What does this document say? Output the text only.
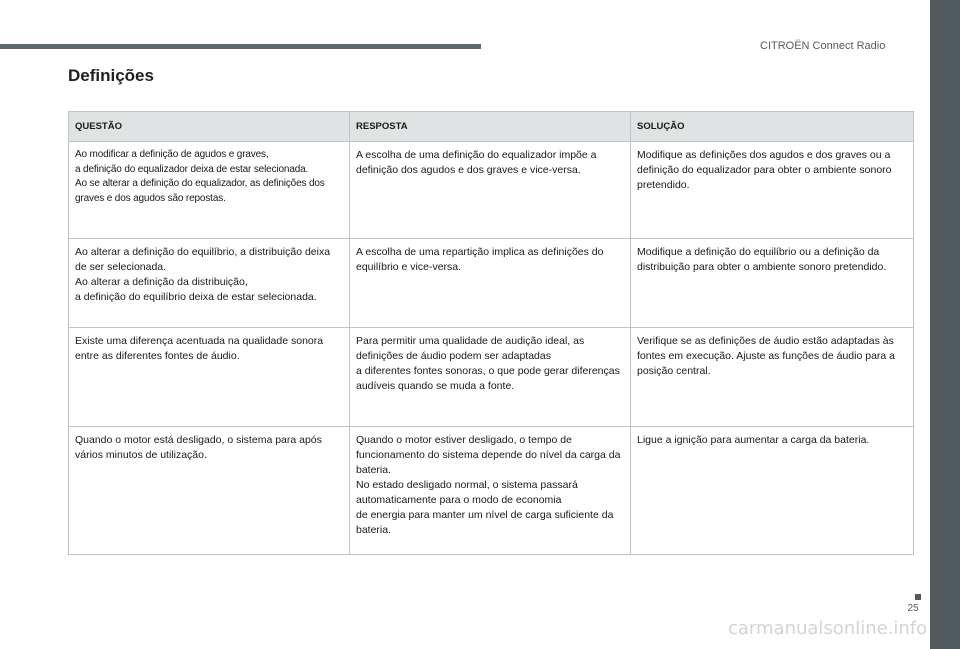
CITROËN Connect Radio
Definições
QUESTÃO	RESPOSTA	SOLUÇÃO
Ao modificar a definição de agudos e graves,
a definição do equalizador deixa de estar selecionada.
Ao se alterar a definição do equalizador, as definições dos graves e dos agudos são repostas.	A escolha de uma definição do equalizador impõe a definição dos agudos e dos graves e vice-versa.	Modifique as definições dos agudos e dos graves ou a definição do equalizador para obter o ambiente sonoro pretendido.
Ao alterar a definição do equilíbrio, a distribuição deixa de ser selecionada.
Ao alterar a definição da distribuição,
a definição do equilíbrio deixa de estar selecionada.	A escolha de uma repartição implica as definições do equilíbrio e vice-versa.	Modifique a definição do equilíbrio ou a definição da distribuição para obter o ambiente sonoro pretendido.
Existe uma diferença acentuada na qualidade sonora entre as diferentes fontes de áudio.	Para permitir uma qualidade de audição ideal, as definições de áudio podem ser adaptadas
a diferentes fontes sonoras, o que pode gerar diferenças audíveis quando se muda a fonte.	Verifique se as definições de áudio estão adaptadas às fontes em execução. Ajuste as funções de áudio para a posição central.
Quando o motor está desligado, o sistema para após vários minutos de utilização.	Quando o motor estiver desligado, o tempo de funcionamento do sistema depende do nível da carga da bateria.
No estado desligado normal, o sistema passará automaticamente para o modo de economia
de energia para manter um nível de carga suficiente da bateria.	Ligue a ignição para aumentar a carga da bateria.
25
carmanualsonline.info
